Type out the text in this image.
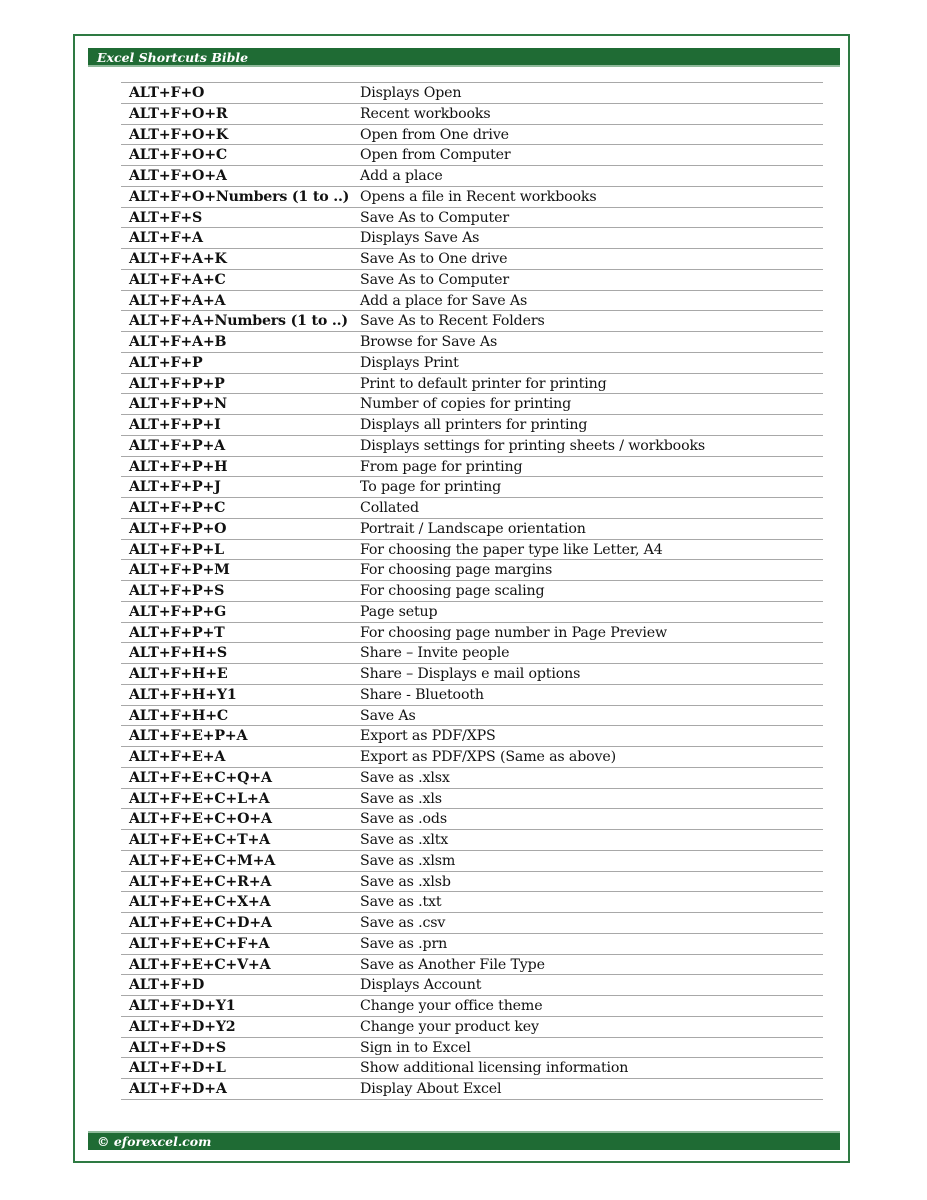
Excel Shortcuts Bible
ALT+F+O	Displays Open
ALT+F+O+R	Recent workbooks
ALT+F+O+K	Open from One drive
ALT+F+O+C	Open from Computer
ALT+F+O+A	Add a place
ALT+F+O+Numbers (1 to ..) Opens a file in Recent workbooks
ALT+F+S	Save As to Computer
ALT+F+A	Displays Save As
ALT+F+A+K	Save As to One drive
ALT+F+A+C	Save As to Computer
ALT+F+A+A	Add a place for Save As
ALT+F+A+Numbers (1 to ..) Save As to Recent Folders
ALT+F+A+B	Browse for Save As
ALT+F+P	Displays Print
ALT+F+P+P	Print to default printer for printing
ALT+F+P+N	Number of copies for printing
ALT+F+P+I	Displays all printers for printing
ALT+F+P+A	Displays settings for printing sheets / workbooks
ALT+F+P+H	From page for printing
ALT+F+P+J	To page for printing
ALT+F+P+C	Collated
ALT+F+P+O	Portrait / Landscape orientation
ALT+F+P+L	For choosing the paper type like Letter, A4
ALT+F+P+M	For choosing page margins
ALT+F+P+S	For choosing page scaling
ALT+F+P+G	Page setup
ALT+F+P+T	For choosing page number in Page Preview
ALT+F+H+S	Share – Invite people
ALT+F+H+E	Share – Displays e mail options
ALT+F+H+Y1	Share - Bluetooth
ALT+F+H+C	Save As
ALT+F+E+P+A	Export as PDF/XPS
ALT+F+E+A	Export as PDF/XPS (Same as above)
ALT+F+E+C+Q+A	Save as .xlsx
ALT+F+E+C+L+A	Save as .xls
ALT+F+E+C+O+A	Save as .ods
ALT+F+E+C+T+A	Save as .xltx
ALT+F+E+C+M+A	Save as .xlsm
ALT+F+E+C+R+A	Save as .xlsb
ALT+F+E+C+X+A	Save as .txt
ALT+F+E+C+D+A	Save as .csv
ALT+F+E+C+F+A	Save as .prn
ALT+F+E+C+V+A	Save as Another File Type
ALT+F+D	Displays Account
ALT+F+D+Y1	Change your office theme
ALT+F+D+Y2	Change your product key
ALT+F+D+S	Sign in to Excel
ALT+F+D+L	Show additional licensing information
ALT+F+D+A	Display About Excel
© eforexcel.com
